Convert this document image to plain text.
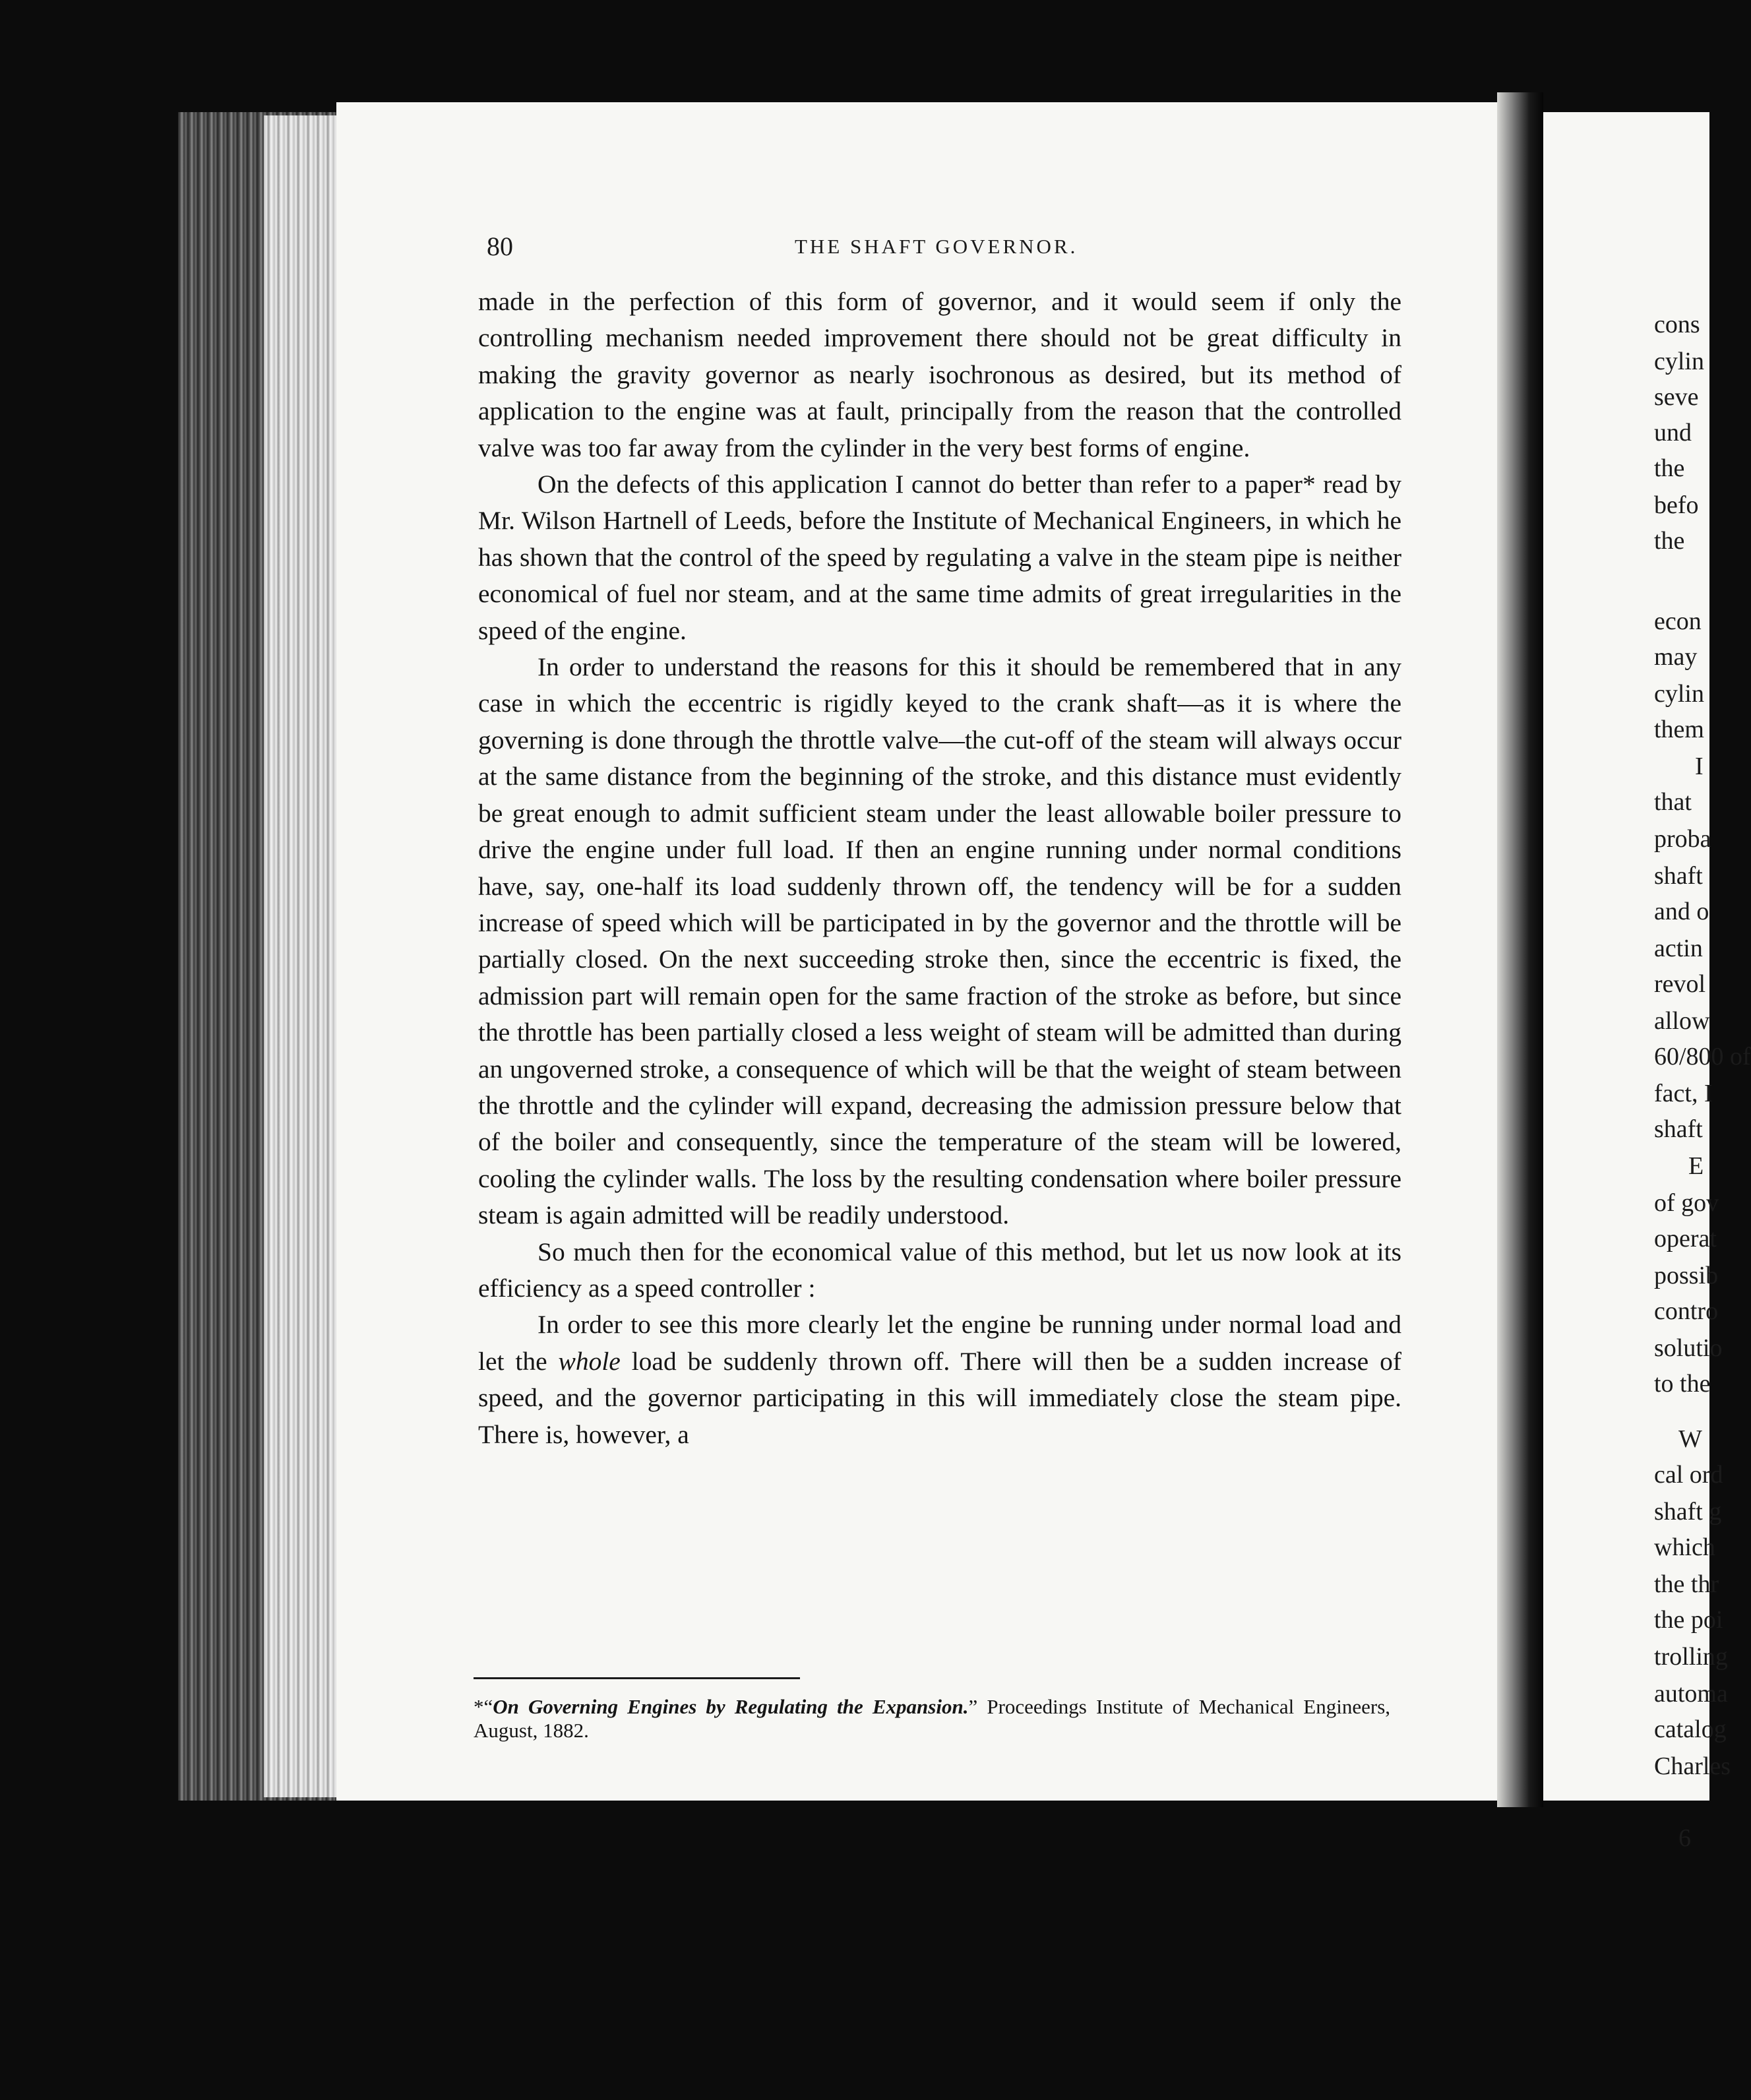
80	THE SHAFT GOVERNOR.

made in the perfection of this form of governor, and it would seem if only the controlling mechanism needed improvement there should not be great difficulty in making the gravity governor as nearly isochronous as desired, but its method of application to the engine was at fault, principally from the reason that the controlled valve was too far away from the cylinder in the very best forms of engine.

On the defects of this application I cannot do better than refer to a paper* read by Mr. Wilson Hartnell of Leeds, before the Institute of Mechanical Engineers, in which he has shown that the control of the speed by regulating a valve in the steam pipe is neither economical of fuel nor steam, and at the same time admits of great irregularities in the speed of the engine.

In order to understand the reasons for this it should be remembered that in any case in which the eccentric is rigidly keyed to the crank shaft—as it is where the governing is done through the throttle valve—the cut-off of the steam will always occur at the same distance from the beginning of the stroke, and this distance must evidently be great enough to admit sufficient steam under the least allowable boiler pressure to drive the engine under full load. If then an engine running under normal conditions have, say, one-half its load suddenly thrown off, the tendency will be for a sudden increase of speed which will be participated in by the governor and the throttle will be partially closed. On the next succeeding stroke then, since the eccentric is fixed, the admission part will remain open for the same fraction of the stroke as before, but since the throttle has been partially closed a less weight of steam will be admitted than during an ungoverned stroke, a consequence of which will be that the weight of steam between the throttle and the cylinder will expand, decreasing the admission pressure below that of the boiler and consequently, since the temperature of the steam will be lowered, cooling the cylinder walls. The loss by the resulting condensation where boiler pressure steam is again admitted will be readily understood.

So much then for the economical value of this method, but let us now look at its efficiency as a speed controller :

In order to see this more clearly let the engine be running under normal load and let the whole load be suddenly thrown off. There will then be a sudden increase of speed, and the governor participating in this will immediately close the steam pipe. There is, however, a

*“On Governing Engines by Regulating the Expansion.” Proceedings Institute of Mechanical Engineers, August, 1882.
cons
cylin
seve
und
the
befo
the
econ
may
cylin
them
I
that
proba
shaft
and o
actin
revol
allow
60/800 of
fact, I
shaft
E
of gov
operat
possib
contro
solutio
to the
W
cal ord
shaft g
which
the thr
the poi
trolling
automa
catalog
Charles
6
